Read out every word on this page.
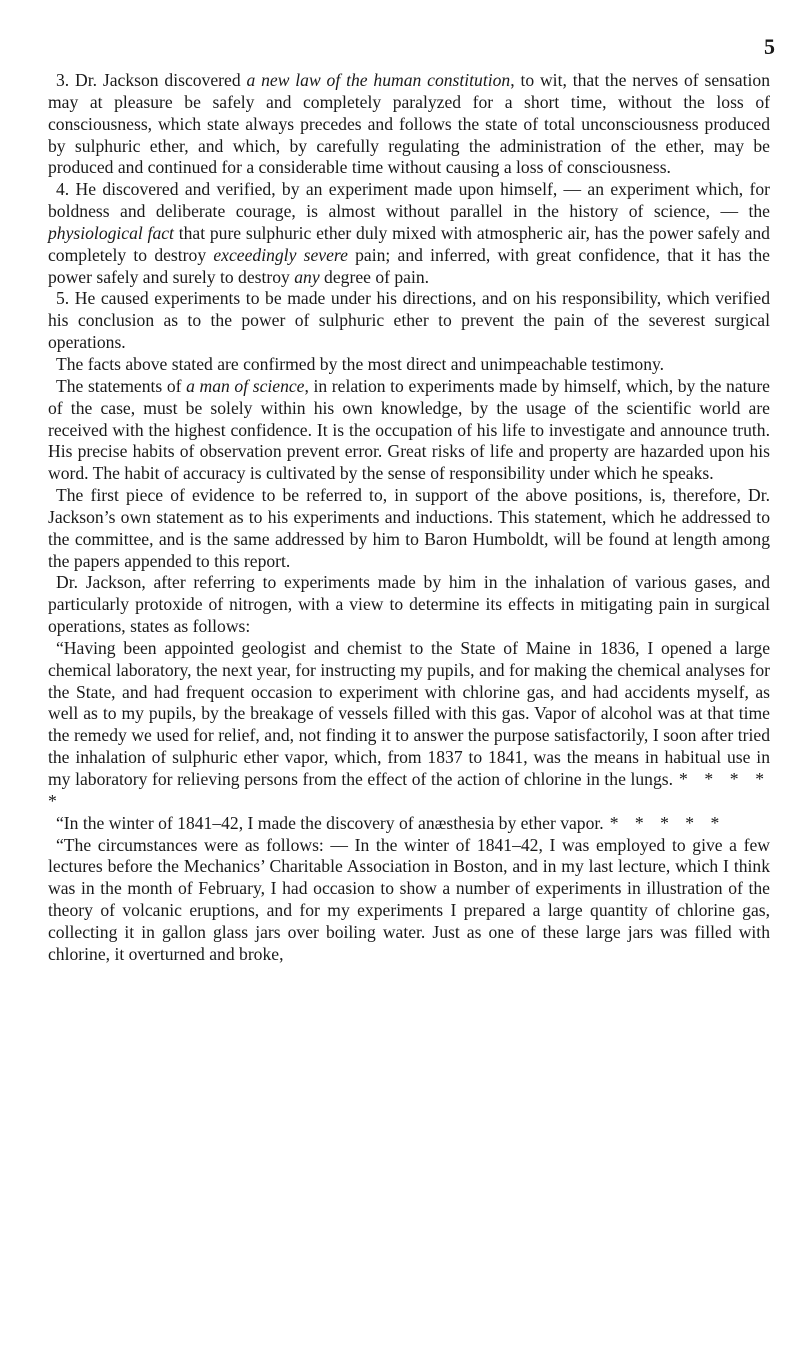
5

3. Dr. Jackson discovered a new law of the human constitution, to wit, that the nerves of sensation may at pleasure be safely and completely paralyzed for a short time, without the loss of consciousness, which state always precedes and follows the state of total unconsciousness produced by sulphuric ether, and which, by carefully regulating the administration of the ether, may be produced and continued for a considerable time without causing a loss of consciousness.

4. He discovered and verified, by an experiment made upon himself, — an experiment which, for boldness and deliberate courage, is almost without parallel in the history of science, — the physiological fact that pure sulphuric ether duly mixed with atmospheric air, has the power safely and completely to destroy exceedingly severe pain; and inferred, with great confidence, that it has the power safely and surely to destroy any degree of pain.

5. He caused experiments to be made under his directions, and on his responsibility, which verified his conclusion as to the power of sulphuric ether to prevent the pain of the severest surgical operations.

The facts above stated are confirmed by the most direct and unimpeachable testimony.

The statements of a man of science, in relation to experiments made by himself, which, by the nature of the case, must be solely within his own knowledge, by the usage of the scientific world are received with the highest confidence. It is the occupation of his life to investigate and announce truth. His precise habits of observation prevent error. Great risks of life and property are hazarded upon his word. The habit of accuracy is cultivated by the sense of responsibility under which he speaks.

The first piece of evidence to be referred to, in support of the above positions, is, therefore, Dr. Jackson’s own statement as to his experiments and inductions. This statement, which he addressed to the committee, and is the same addressed by him to Baron Humboldt, will be found at length among the papers appended to this report.

Dr. Jackson, after referring to experiments made by him in the inhalation of various gases, and particularly protoxide of nitrogen, with a view to determine its effects in mitigating pain in surgical operations, states as follows:

“Having been appointed geologist and chemist to the State of Maine in 1836, I opened a large chemical laboratory, the next year, for instructing my pupils, and for making the chemical analyses for the State, and had frequent occasion to experiment with chlorine gas, and had accidents myself, as well as to my pupils, by the breakage of vessels filled with this gas. Vapor of alcohol was at that time the remedy we used for relief, and, not finding it to answer the purpose satisfactorily, I soon after tried the inhalation of sulphuric ether vapor, which, from 1837 to 1841, was the means in habitual use in my laboratory for relieving persons from the effect of the action of chlorine in the lungs. * * * * *

“In the winter of 1841–42, I made the discovery of anæsthesia by ether vapor. * * * * *

“The circumstances were as follows: — In the winter of 1841–42, I was employed to give a few lectures before the Mechanics’ Charitable Association in Boston, and in my last lecture, which I think was in the month of February, I had occasion to show a number of experiments in illustration of the theory of volcanic eruptions, and for my experiments I prepared a large quantity of chlorine gas, collecting it in gallon glass jars over boiling water. Just as one of these large jars was filled with chlorine, it overturned and broke,
